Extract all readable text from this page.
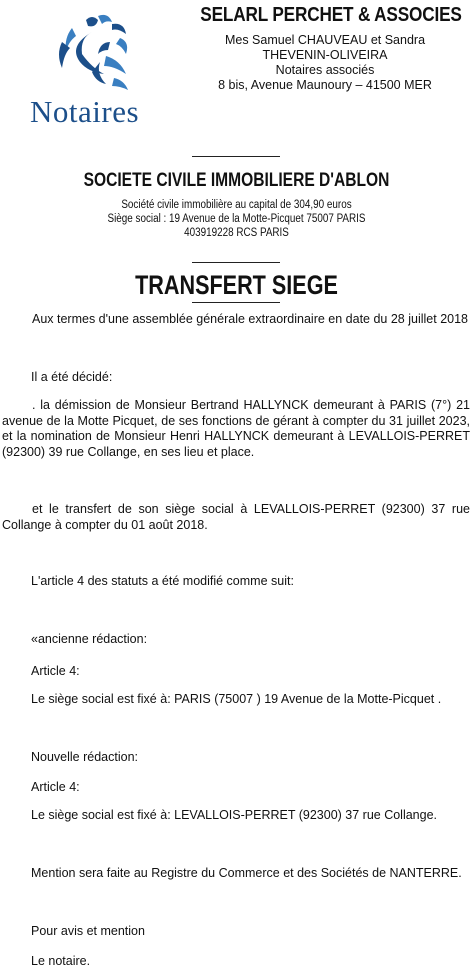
Notaires
SELARL PERCHET & ASSOCIES
Mes Samuel CHAUVEAU et Sandra
THEVENIN-OLIVEIRA
Notaires associés
8 bis, Avenue Maunoury – 41500 MER
SOCIETE CIVILE IMMOBILIERE D'ABLON
Société civile immobilière au capital de 304,90 euros
Siège social : 19 Avenue de la Motte-Picquet 75007 PARIS
403919228 RCS PARIS
TRANSFERT SIEGE
Aux termes d'une assemblée générale extraordinaire en date du 28 juillet 2018
Il a été décidé:
. la démission de Monsieur Bertrand HALLYNCK demeurant à PARIS (7°) 21 avenue de la Motte Picquet, de ses fonctions de gérant à compter du 31 juillet 2023, et la nomination de Monsieur Henri HALLYNCK demeurant à LEVALLOIS-PERRET (92300) 39 rue Collange, en ses lieu et place.
et le transfert de son siège social à LEVALLOIS-PERRET (92300) 37 rue Collange à compter du 01 août 2018.
L'article 4 des statuts a été modifié comme suit:
«ancienne rédaction:
Article 4:
Le siège social est fixé à: PARIS (75007 ) 19 Avenue de la Motte-Picquet .
Nouvelle rédaction:
Article 4:
Le siège social est fixé à: LEVALLOIS-PERRET (92300) 37 rue Collange.
Mention sera faite au Registre du Commerce et des Sociétés de NANTERRE.
Pour avis et mention
Le notaire.
